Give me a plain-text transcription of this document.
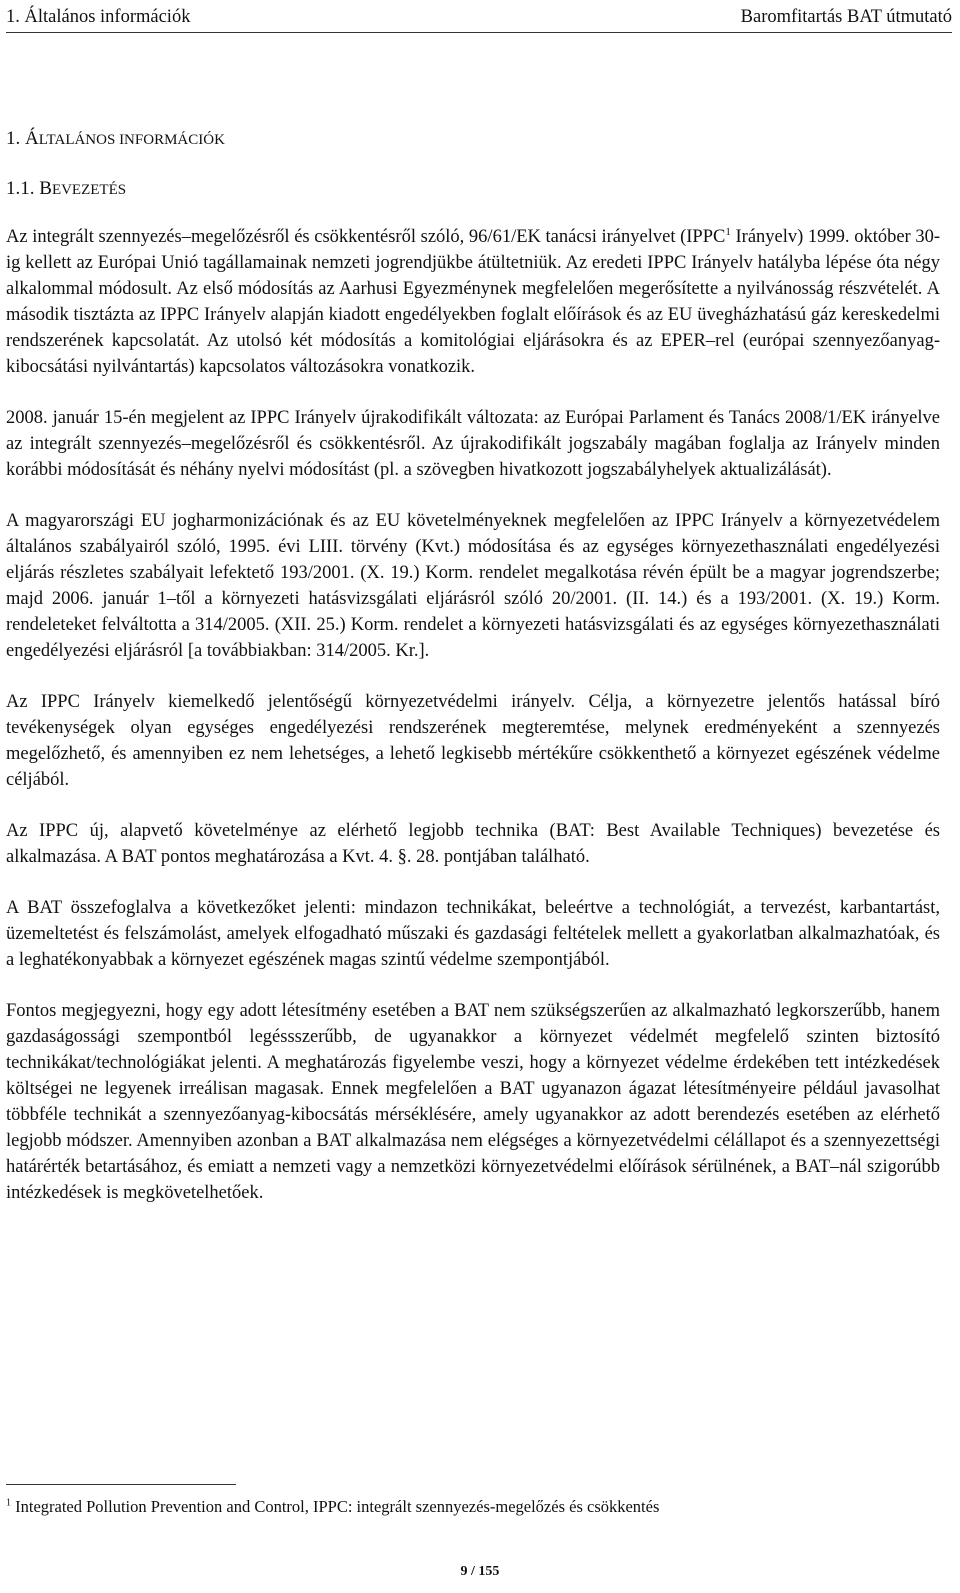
1. Általános információk	Baromfitartás BAT útmutató
1. ÁLTALÁNOS INFORMÁCIÓK
1.1. BEVEZETÉS

Az integrált szennyezés–megelőzésről és csökkentésről szóló, 96/61/EK tanácsi irányelvet (IPPC$^1$ Irányelv) 1999. október 30-ig kellett az Európai Unió tagállamainak nemzeti jogrendjükbe átültetniük. Az eredeti IPPC Irányelv hatályba lépése óta négy alkalommal módosult. Az első módosítás az Aarhusi Egyezménynek megfelelően megerősítette a nyilvánosság részvételét. A második tisztázta az IPPC Irányelv alapján kiadott engedélyekben foglalt előírások és az EU üvegházhatású gáz kereskedelmi rendszerének kapcsolatát. Az utolsó két módosítás a komitológiai eljárásokra és az EPER–rel (európai szennyezőanyag-kibocsátási nyilvántartás) kapcsolatos változásokra vonatkozik.

2008. január 15-én megjelent az IPPC Irányelv újrakodifikált változata: az Európai Parlament és Tanács 2008/1/EK irányelve az integrált szennyezés–megelőzésről és csökkentésről. Az újrakodifikált jogszabály magában foglalja az Irányelv minden korábbi módosítását és néhány nyelvi módosítást (pl. a szövegben hivatkozott jogszabályhelyek aktualizálását).

A magyarországi EU jogharmonizációnak és az EU követelményeknek megfelelően az IPPC Irányelv a környezetvédelem általános szabályairól szóló, 1995. évi LIII. törvény (Kvt.) módosítása és az egységes környezethasználati engedélyezési eljárás részletes szabályait lefektető 193/2001. (X. 19.) Korm. rendelet megalkotása révén épült be a magyar jogrendszerbe; majd 2006. január 1–től a környezeti hatásvizsgálati eljárásról szóló 20/2001. (II. 14.) és a 193/2001. (X. 19.) Korm. rendeleteket felváltotta a 314/2005. (XII. 25.) Korm. rendelet a környezeti hatásvizsgálati és az egységes környezethasználati engedélyezési eljárásról [a továbbiakban: 314/2005. Kr.].

Az IPPC Irányelv kiemelkedő jelentőségű környezetvédelmi irányelv. Célja, a környezetre jelentős hatással bíró tevékenységek olyan egységes engedélyezési rendszerének megteremtése, melynek eredményeként a szennyezés megelőzhető, és amennyiben ez nem lehetséges, a lehető legkisebb mértékűre csökkenthető a környezet egészének védelme céljából.

Az IPPC új, alapvető követelménye az elérhető legjobb technika (BAT: Best Available Techniques) bevezetése és alkalmazása. A BAT pontos meghatározása a Kvt. 4. §. 28. pontjában található.

A BAT összefoglalva a következőket jelenti: mindazon technikákat, beleértve a technológiát, a tervezést, karbantartást, üzemeltetést és felszámolást, amelyek elfogadható műszaki és gazdasági feltételek mellett a gyakorlatban alkalmazhatóak, és a leghatékonyabbak a környezet egészének magas szintű védelme szempontjából.

Fontos megjegyezni, hogy egy adott létesítmény esetében a BAT nem szükségszerűen az alkalmazható legkorszerűbb, hanem gazdaságossági szempontból legéssszerűbb, de ugyanakkor a környezet védelmét megfelelő szinten biztosító technikákat/technológiákat jelenti. A meghatározás figyelembe veszi, hogy a környezet védelme érdekében tett intézkedések költségei ne legyenek irreálisan magasak. Ennek megfelelően a BAT ugyanazon ágazat létesítményeire például javasolhat többféle technikát a szennyezőanyag-kibocsátás mérséklésére, amely ugyanakkor az adott berendezés esetében az elérhető legjobb módszer. Amennyiben azonban a BAT alkalmazása nem elégséges a környezetvédelmi célállapot és a szennyezettségi határérték betartásához, és emiatt a nemzeti vagy a nemzetközi környezetvédelmi előírások sérülnének, a BAT–nál szigorúbb intézkedések is megkövetelhetőek.

$^1$ Integrated Pollution Prevention and Control, IPPC: integrált szennyezés-megelőzés és csökkentés
9 / 155
